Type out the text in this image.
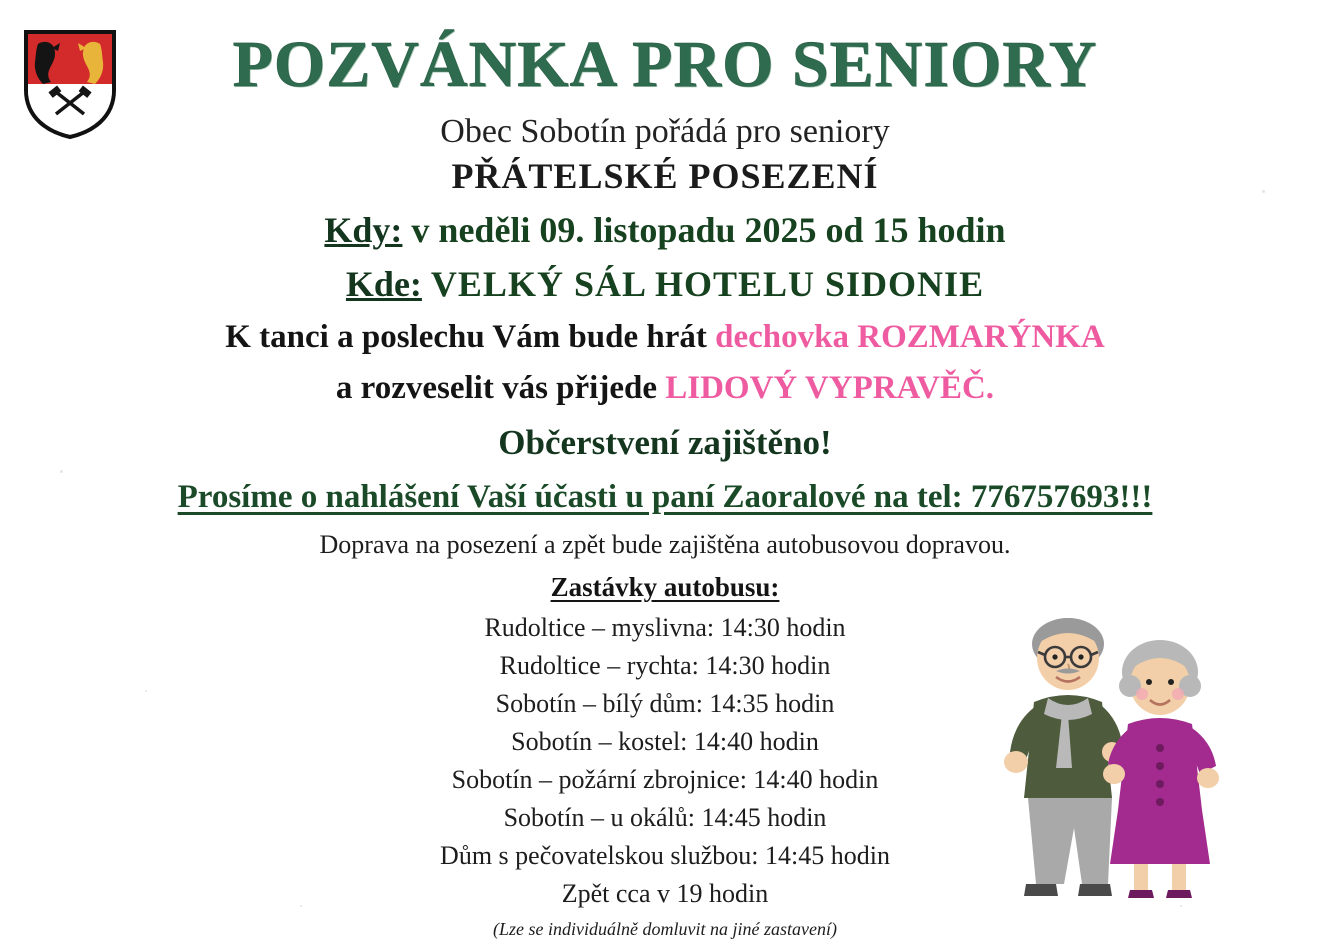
POZVÁNKA PRO SENIORY
Obec Sobotín pořádá pro seniory
PŘÁTELSKÉ POSEZENÍ
Kdy: v neděli 09. listopadu 2025 od 15 hodin
Kde: VELKÝ SÁL HOTELU SIDONIE
K tanci a poslechu Vám bude hrát dechovka ROZMARÝNKA
a rozveselit vás přijede LIDOVÝ VYPRAVĚČ.
Občerstvení zajištěno!
Prosíme o nahlášení Vaší účasti u paní Zaoralové na tel: 776757693!!!
Doprava na posezení a zpět bude zajištěna autobusovou dopravou.
Zastávky autobusu:
Rudoltice – myslivna: 14:30 hodin
Rudoltice – rychta: 14:30 hodin
Sobotín – bílý dům: 14:35 hodin
Sobotín – kostel: 14:40 hodin
Sobotín – požární zbrojnice: 14:40 hodin
Sobotín – u okálů: 14:45 hodin
Dům s pečovatelskou službou: 14:45 hodin
Zpět cca v 19 hodin
(Lze se individuálně domluvit na jiné zastavení)
